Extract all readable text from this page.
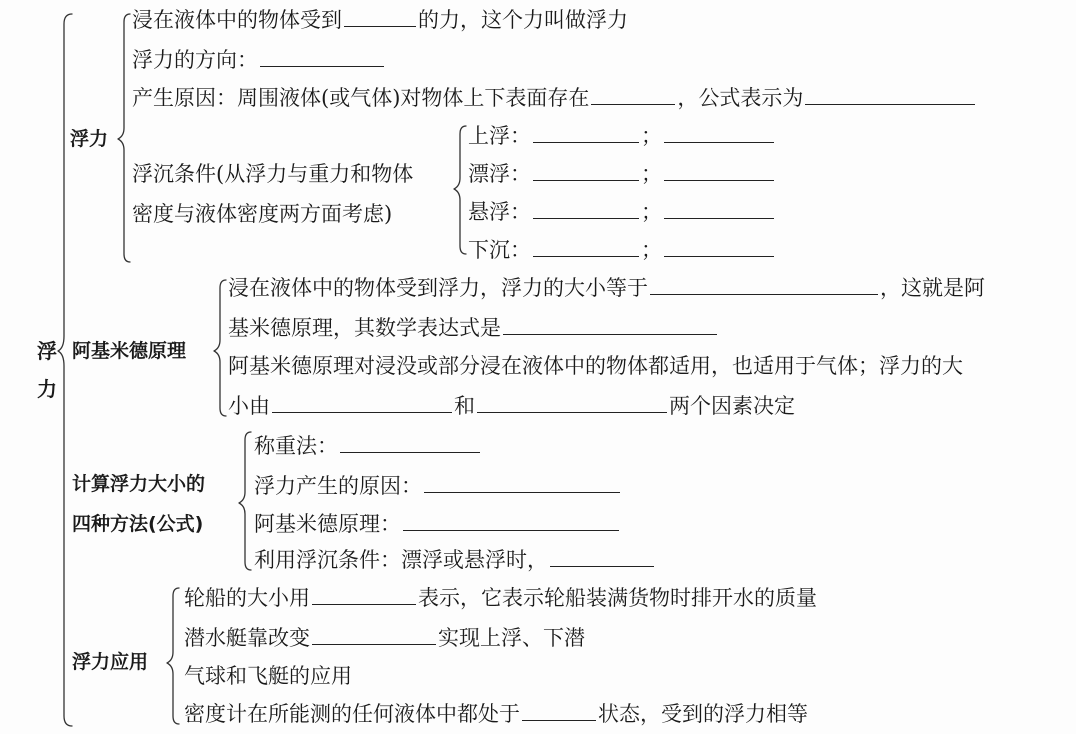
浮力
浮力
浸在液体中的物体受到	的力，这个力叫做浮力
浮力的方向：
产生原因：周围液体(或气体)对物体上下表面存在	，公式表示为
浮沉条件(从浮力与重力和物体
密度与液体密度两方面考虑)
上浮：	；
漂浮：	；
悬浮：	；
下沉：	；
阿基米德原理
浸在液体中的物体受到浮力，浮力的大小等于	，这就是阿
基米德原理，其数学表达式是
阿基米德原理对浸没或部分浸在液体中的物体都适用，也适用于气体；浮力的大
小由	和	两个因素决定
计算浮力大小的
四种方法(公式)
称重法：
浮力产生的原因：
阿基米德原理：
利用浮沉条件：漂浮或悬浮时，
浮力应用
轮船的大小用	表示，它表示轮船装满货物时排开水的质量
潜水艇靠改变	实现上浮、下潜
气球和飞艇的应用
密度计在所能测的任何液体中都处于	状态，受到的浮力相等
